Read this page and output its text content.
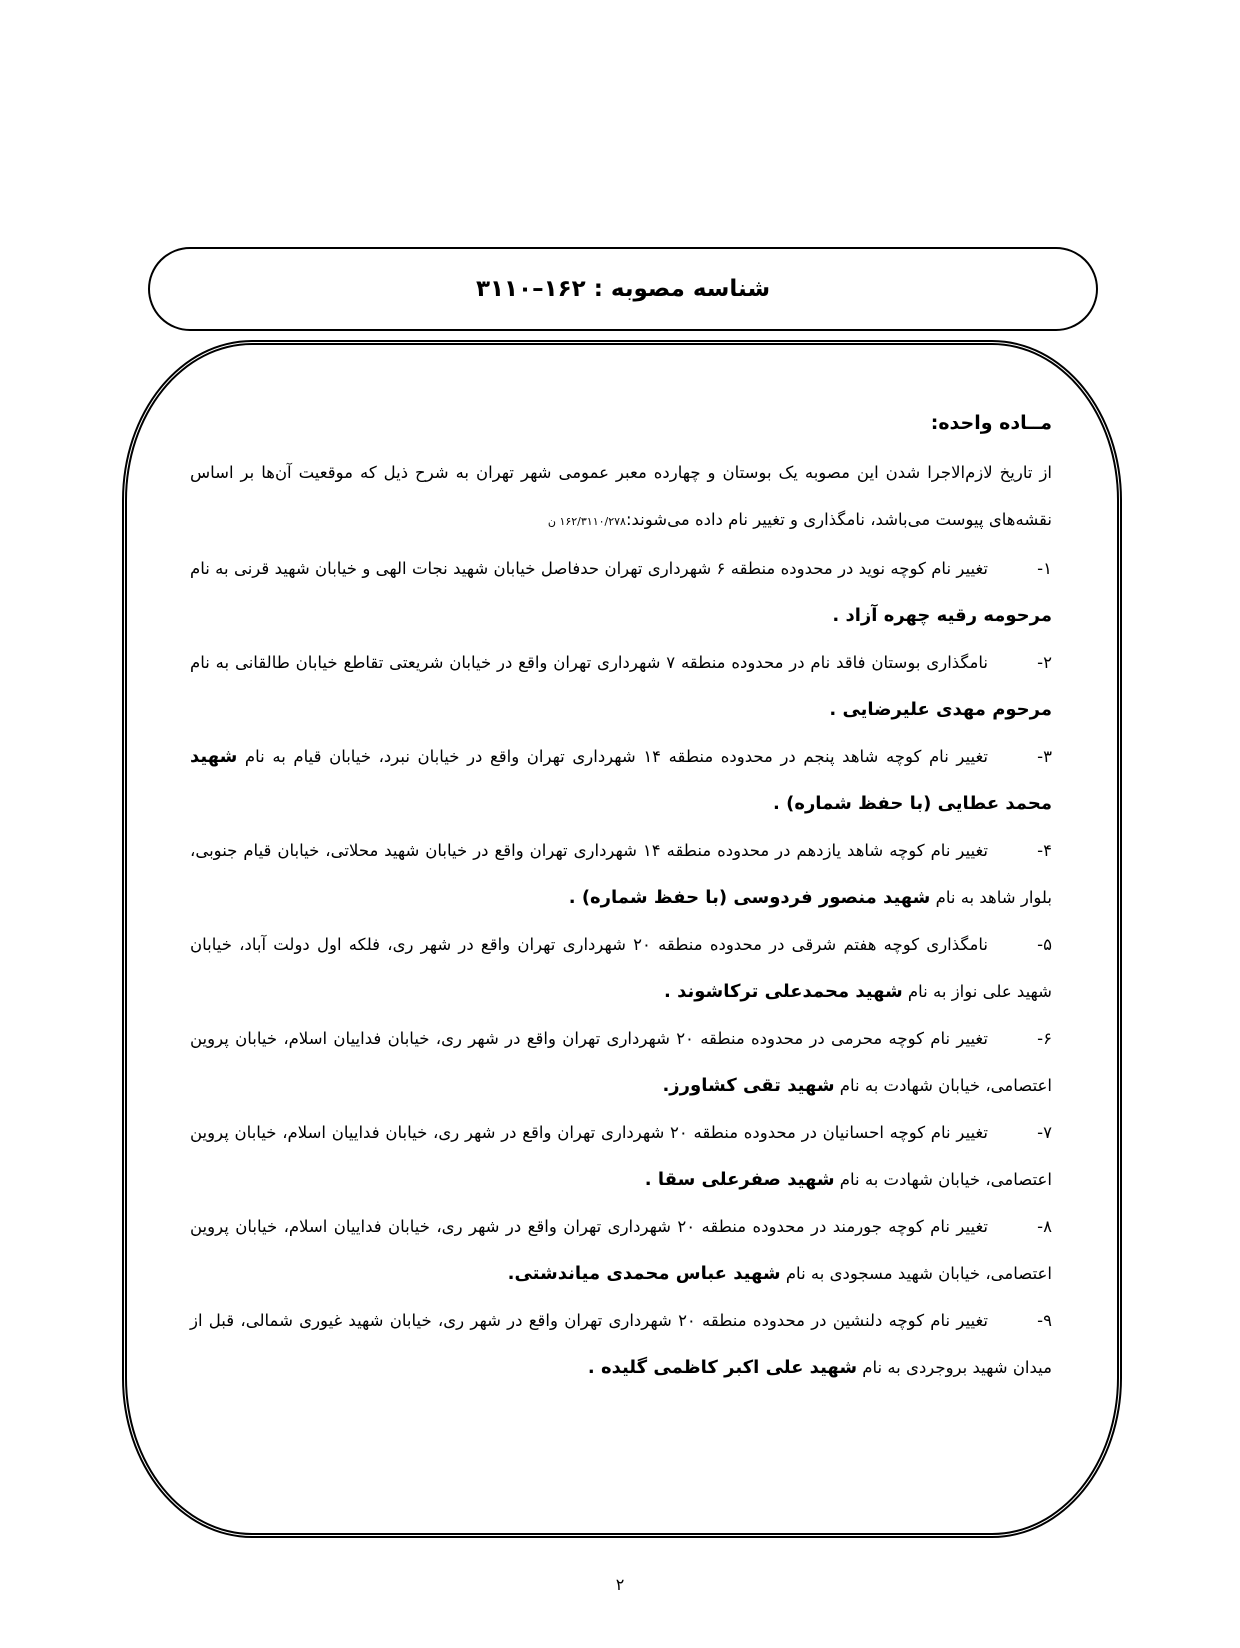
شناسه مصوبه : ۱۶۲–۳۱۱۰
مــاده واحده:

از تاریخ لازم‌الاجرا شدن این مصوبه یک بوستان و چهارده معبر عمومی شهر تهران به شرح ذیل که موقعیت آن‌ها بر اساس نقشه‌های پیوست می‌باشد، نامگذاری و تغییر نام داده می‌شوند:۱۶۲/۳۱۱۰/۲۷۸ ن

۱-
تغییر نام کوچه نوید در محدوده منطقه ۶ شهرداری تهران حدفاصل خیابان شهید نجات الهی و خیابان شهید قرنی به نام مرحومه رقیه چهره آزاد .

۲-
نامگذاری بوستان فاقد نام در محدوده منطقه ۷ شهرداری تهران واقع در خیابان شریعتی تقاطع خیابان طالقانی به نام مرحوم مهدی علیرضایی .

۳-
تغییر نام کوچه شاهد پنجم در محدوده منطقه ۱۴ شهرداری تهران واقع در خیابان نبرد، خیابان قیام به نام شهید محمد عطایی (با حفظ شماره) .

۴-
تغییر نام کوچه شاهد یازدهم در محدوده منطقه ۱۴ شهرداری تهران واقع در خیابان شهید محلاتی، خیابان قیام جنوبی، بلوار شاهد به نام شهید منصور فردوسی (با حفظ شماره) .

۵-
نامگذاری کوچه هفتم شرقی در محدوده منطقه ۲۰ شهرداری تهران واقع در شهر ری، فلکه اول دولت آباد، خیابان شهید علی نواز به نام شهید محمدعلی ترکاشوند .

۶-
تغییر نام کوچه محرمی در محدوده منطقه ۲۰ شهرداری تهران واقع در شهر ری، خیابان فداییان اسلام، خیابان پروین اعتصامی، خیابان شهادت به نام شهید تقی کشاورز.

۷-
تغییر نام کوچه احسانیان در محدوده منطقه ۲۰ شهرداری تهران واقع در شهر ری، خیابان فداییان اسلام، خیابان پروین اعتصامی، خیابان شهادت به نام شهید صفرعلی سقا .

۸-
تغییر نام کوچه جورمند در محدوده منطقه ۲۰ شهرداری تهران واقع در شهر ری، خیابان فداییان اسلام، خیابان پروین اعتصامی، خیابان شهید مسجودی به نام شهید عباس محمدی میاندشتی.

۹-
تغییر نام کوچه دلنشین در محدوده منطقه ۲۰ شهرداری تهران واقع در شهر ری، خیابان شهید غیوری شمالی، قبل از میدان شهید بروجردی به نام شهید علی اکبر کاظمی گلیده .

۲
